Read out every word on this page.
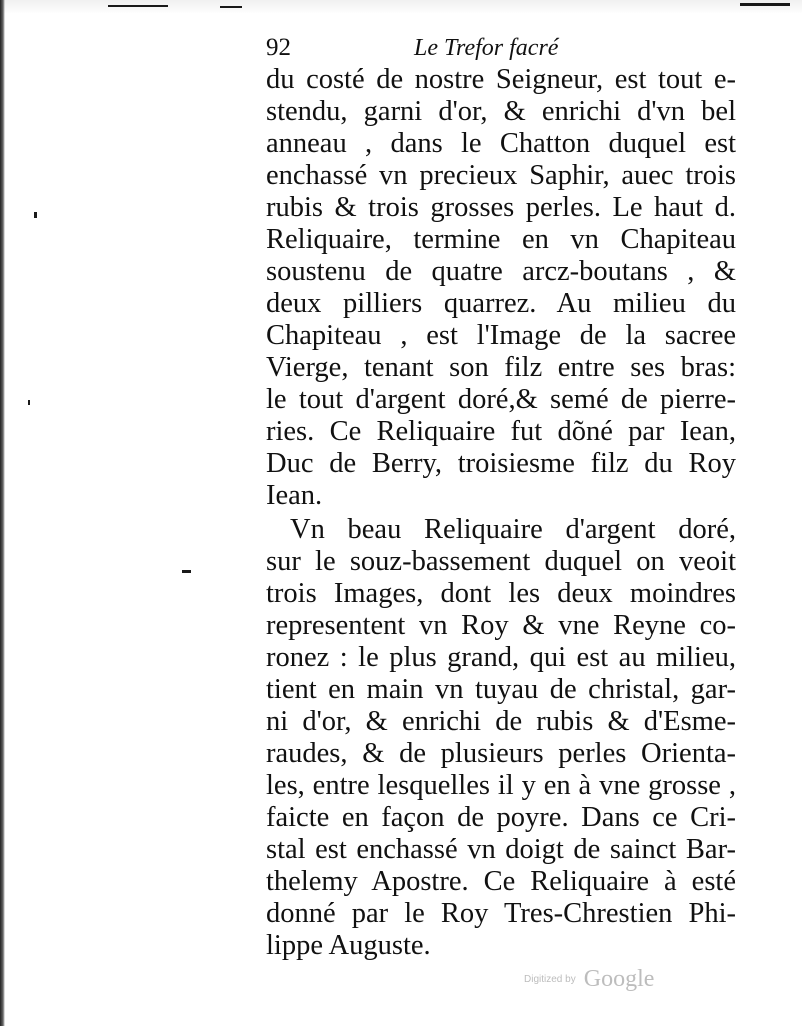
92	Le Trefor facré
du costé de nostre Seigneur, est tout e-
stendu, garni d'or, & enrichi d'vn bel
anneau , dans le Chatton duquel est
enchassé vn precieux Saphir, auec trois
rubis & trois grosses perles. Le haut d.
Reliquaire, termine en vn Chapiteau
soustenu de quatre arcz-boutans , &
deux pilliers quarrez. Au milieu du
Chapiteau , est l'Image de la sacree
Vierge, tenant son filz entre ses bras:
le tout d'argent doré,& semé de pierre-
ries. Ce Reliquaire fut dõné par Iean,
Duc de Berry, troisiesme filz du Roy
Iean.
Vn beau Reliquaire d'argent doré,
sur le souz-bassement duquel on veoit
trois Images, dont les deux moindres
representent vn Roy & vne Reyne co-
ronez : le plus grand, qui est au milieu,
tient en main vn tuyau de christal, gar-
ni d'or, & enrichi de rubis & d'Esme-
raudes, & de plusieurs perles Orienta-
les, entre lesquelles il y en à vne grosse ,
faicte en façon de poyre. Dans ce Cri-
stal est enchassé vn doigt de sainct Bar-
thelemy Apostre. Ce Reliquaire à esté
donné par le Roy Tres-Chrestien Phi-
lippe Auguste.
Digitized by Google
